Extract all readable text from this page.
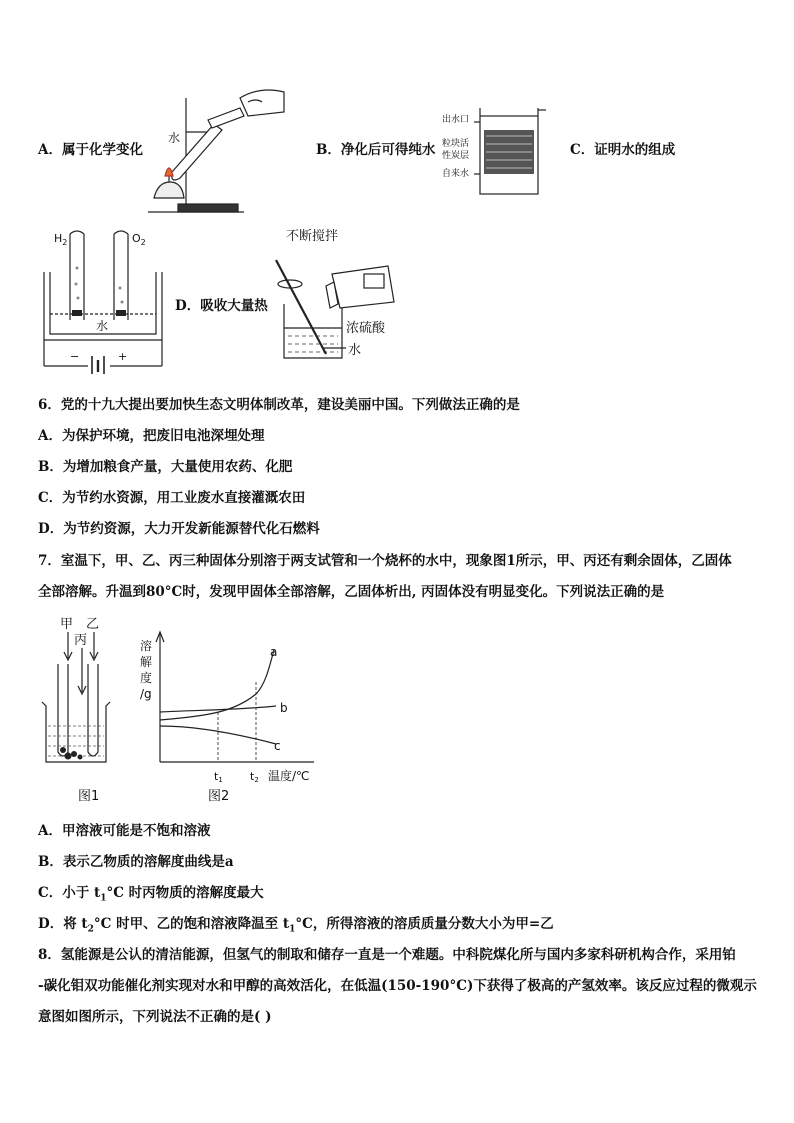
A．属于化学变化
水
B．净化后可得纯水
出水口
粒块活
性炭层
自来水
C．证明水的组成
$H_2$	$O_2$
水
−	+
D．吸收大量热
不断搅拌
浓硫酸
水
6．党的十九大提出要加快生态文明体制改革，建设美丽中国。下列做法正确的是
A．为保护环境，把废旧电池深埋处理
B．为增加粮食产量，大量使用农药、化肥
C．为节约水资源，用工业废水直接灌溉农田
D．为节约资源，大力开发新能源替代化石燃料
7．室温下，甲、乙、丙三种固体分别溶于两支试管和一个烧杯的水中，现象图1所示，甲、丙还有剩余固体，乙固体
全部溶解。升温到80°C时，发现甲固体全部溶解，乙固体析出, 丙固体没有明显变化。下列说法正确的是
甲 乙
丙
图1
溶
解
度
/g
a
b
c
t1 t2 温度/℃
图2
A．甲溶液可能是不饱和溶液
B．表示乙物质的溶解度曲线是a
C．小于 $t_1^\circ C$ 时丙物质的溶解度最大
D．将 $t_2^\circ C$ 时甲、乙的饱和溶液降温至 $t_1^\circ C$，所得溶液的溶质质量分数大小为甲=乙
8．氢能源是公认的清洁能源，但氢气的制取和储存一直是一个难题。中科院煤化所与国内多家科研机构合作，采用铂
-碳化钼双功能催化剂实现对水和甲醇的高效活化，在低温(150-190°C)下获得了极高的产氢效率。该反应过程的微观示
意图如图所示，下列说法不正确的是( )
